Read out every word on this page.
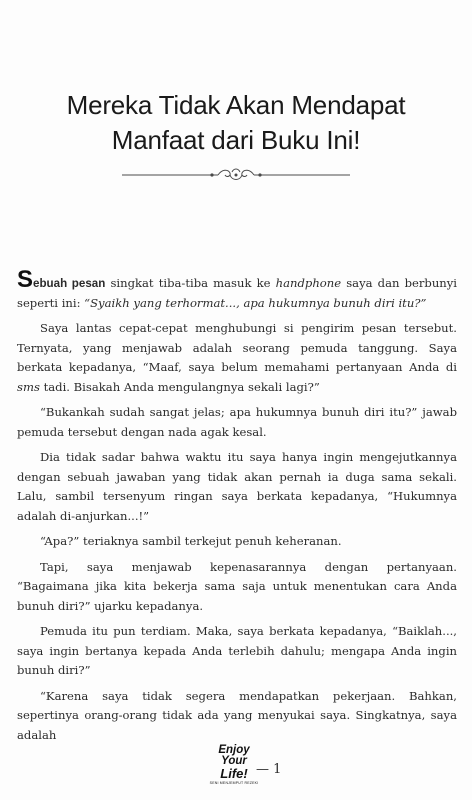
Mereka Tidak Akan Mendapat
Manfaat dari Buku Ini!

Sebuah pesan singkat tiba-tiba masuk ke handphone saya dan berbunyi seperti ini: “Syaikh yang terhormat..., apa hukumnya bunuh diri itu?”

Saya lantas cepat-cepat menghubungi si pengirim pesan tersebut. Ternyata, yang menjawab adalah seorang pemuda tanggung. Saya berkata kepadanya, “Maaf, saya belum memahami pertanyaan Anda di sms tadi. Bisakah Anda mengulangnya sekali lagi?”

“Bukankah sudah sangat jelas; apa hukumnya bunuh diri itu?” jawab pemuda tersebut dengan nada agak kesal.

Dia tidak sadar bahwa waktu itu saya hanya ingin mengejutkannya dengan sebuah jawaban yang tidak akan pernah ia duga sama sekali. Lalu, sambil tersenyum ringan saya berkata kepadanya, “Hukumnya adalah di-anjurkan...!”

“Apa?” teriaknya sambil terkejut penuh keheranan.

Tapi, saya menjawab kepenasarannya dengan pertanyaan. “Bagaimana jika kita bekerja sama saja untuk menentukan cara Anda bunuh diri?” ujarku kepadanya.

Pemuda itu pun terdiam. Maka, saya berkata kepadanya, “Baiklah..., saya ingin bertanya kepada Anda terlebih dahulu; mengapa Anda ingin bunuh diri?”

“Karena saya tidak segera mendapatkan pekerjaan. Bahkan, sepertinya orang-orang tidak ada yang menyukai saya. Singkatnya, saya adalah

Enjoy
Your
Life!
SENI MENJEMPUT REZEKI
— 1
